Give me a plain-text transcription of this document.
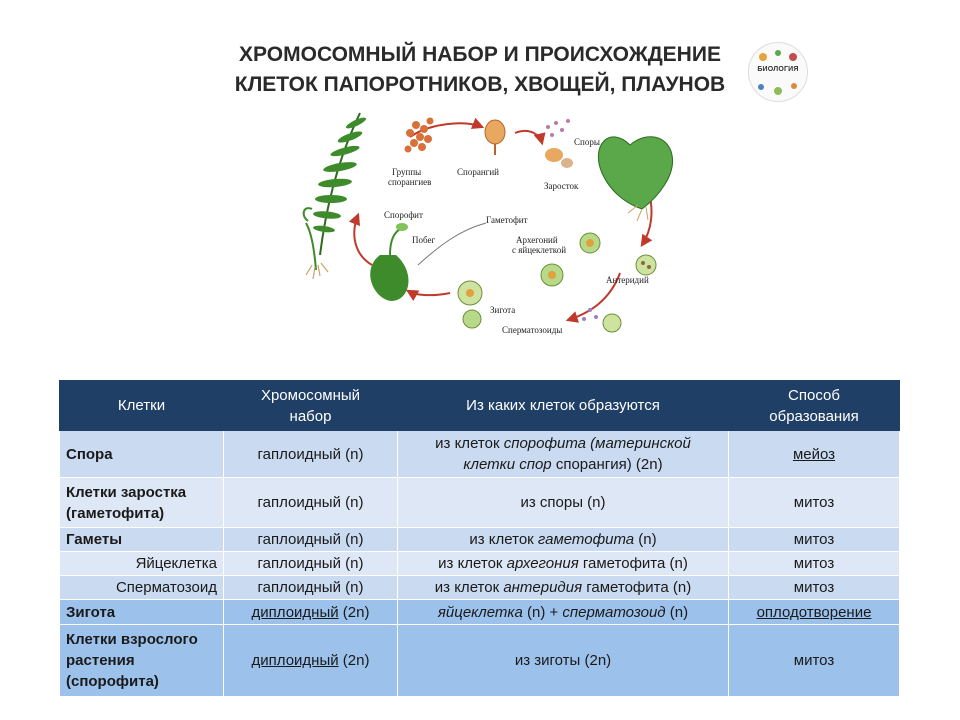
ХРОМОСОМНЫЙ НАБОР И ПРОИСХОЖДЕНИЕ
КЛЕТОК ПАПОРОТНИКОВ, ХВОЩЕЙ, ПЛАУНОВ
БИОЛОГИЯ
Группы
спорангиев
Спорангий
Споры
Заросток
Спорофит	Гаметофит
Побег	Архегоний
с яйцеклеткой
Антеридий
Зигота
Сперматозоиды
Клетки	Хромосомный
набор	Из каких клеток образуются	Способ
образования
Спора	гаплоидный (n)	из клеток спорофита (материнской
клетки спор спорангия) (2n)	мейоз
Клетки заростка
(гаметофита)	гаплоидный (n)	из споры (n)	митоз
Гаметы	гаплоидный (n)	из клеток гаметофита (n)	митоз
Яйцеклетка	гаплоидный (n)	из клеток архегония гаметофита (n)	митоз
Сперматозоид	гаплоидный (n)	из клеток антеридия гаметофита (n)	митоз
Зигота	диплоидный (2n)	яйцеклетка (n) + сперматозоид (n)	оплодотворение
Клетки взрослого
растения
(спорофита)	диплоидный (2n)	из зиготы (2n)	митоз
